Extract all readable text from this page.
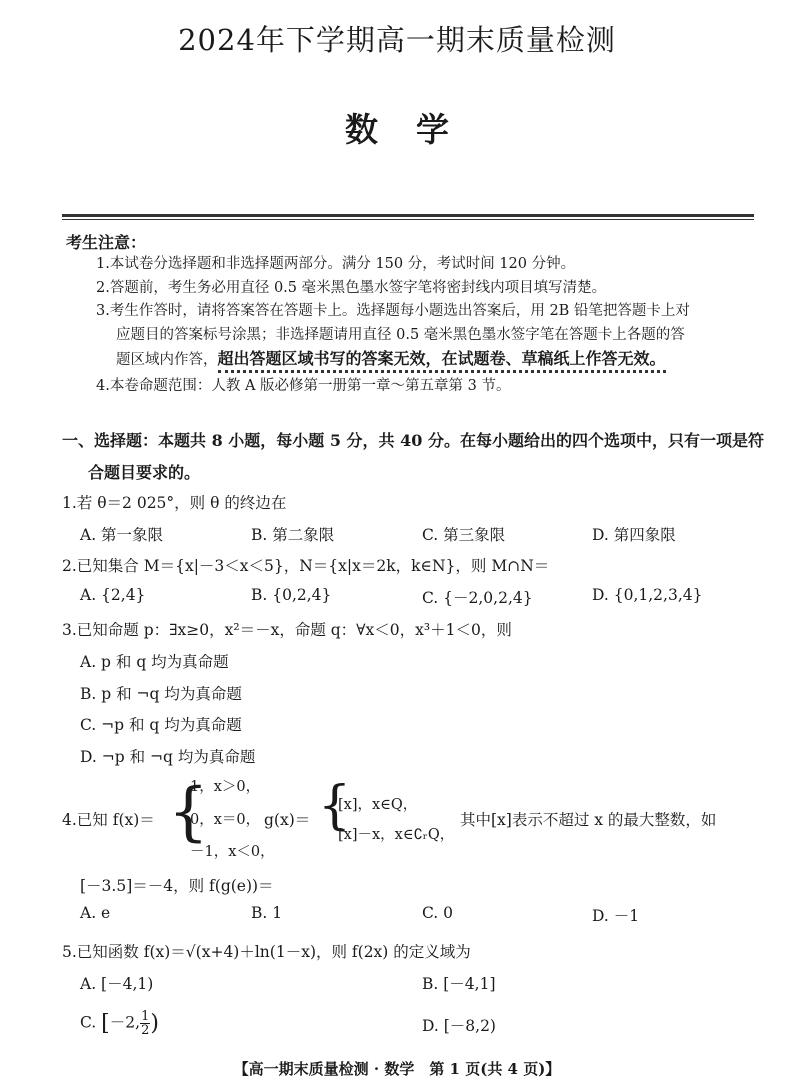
2024年下学期高一期末质量检测
数学
考生注意：
1.本试卷分选择题和非选择题两部分。满分 150 分，考试时间 120 分钟。
2.答题前，考生务必用直径 0.5 毫米黑色墨水签字笔将密封线内项目填写清楚。
3.考生作答时，请将答案答在答题卡上。选择题每小题选出答案后，用 2B 铅笔把答题卡上对
应题目的答案标号涂黑；非选择题请用直径 0.5 毫米黑色墨水签字笔在答题卡上各题的答
题区域内作答，超出答题区域书写的答案无效，在试题卷、草稿纸上作答无效。
4.本卷命题范围：人教 A 版必修第一册第一章～第五章第 3 节。
一、选择题：本题共 8 小题，每小题 5 分，共 40 分。在每小题给出的四个选项中，只有一项是符
合题目要求的。
1.若 θ＝2 025°，则 θ 的终边在
A. 第一象限	B. 第二象限	C. 第三象限	D. 第四象限
2.已知集合 M＝{x|－3＜x＜5}，N＝{x|x＝2k，k∈N}，则 M∩N＝
A. {2,4}	B. {0,2,4}	C. {－2,0,2,4}	D. {0,1,2,3,4}
3.已知命题 p：∃x≥0，x²＝－x，命题 q：∀x＜0，x³＋1＜0，则
A. p 和 q 均为真命题
B. p 和 ¬q 均为真命题
C. ¬p 和 q 均为真命题
D. ¬p 和 ¬q 均为真命题
4.已知 f(x)＝ {
1，x＞0，
0，x＝0，
－1，x＜0，
g(x)＝ {
[x]，x∈Q，
[x]－x，x∈∁ᵣQ，
其中[x]表示不超过 x 的最大整数，如
[－3.5]＝－4，则 f(g(e))＝
A. e	B. 1	C. 0	D. －1
5.已知函数 f(x)＝√(x+4)＋ln(1－x)，则 f(2x) 的定义域为
A. [－4,1)	B. [－4,1]
C. [－2, $\frac{1}{2}$ )	D. [－8,2)
【高一期末质量检测 · 数学　第 1 页(共 4 页)】
